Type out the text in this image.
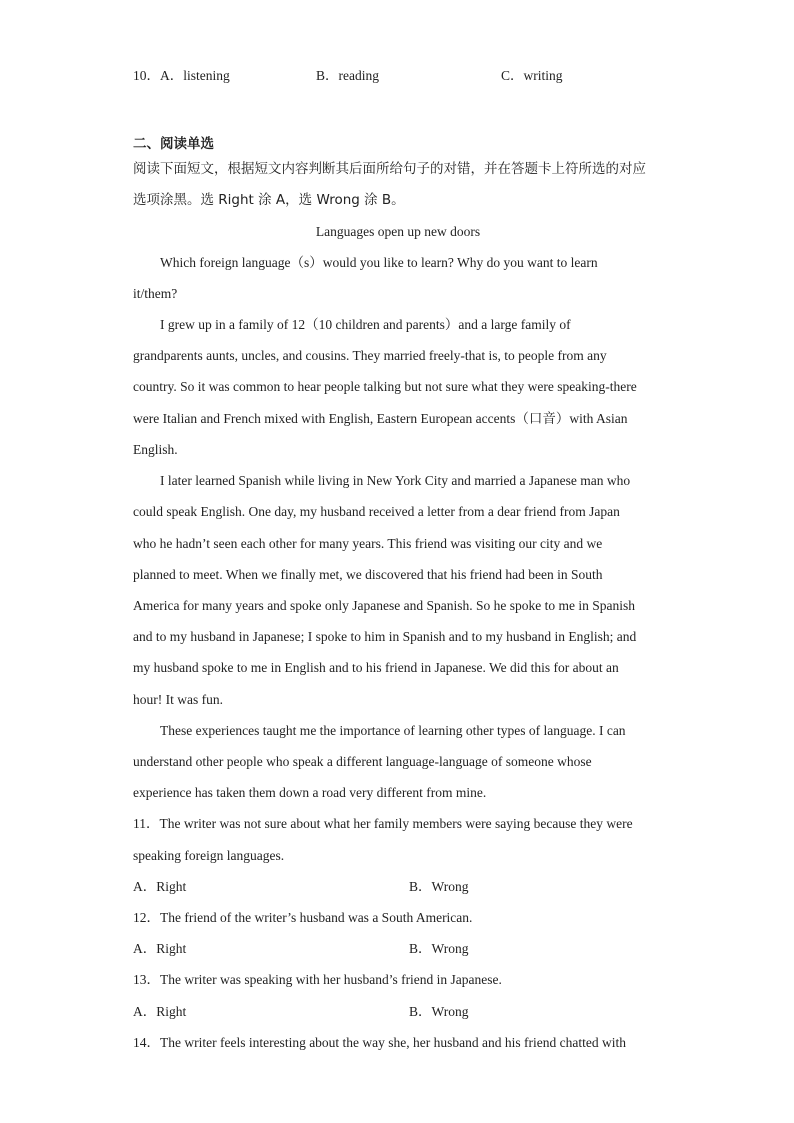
10． A．listening	B．reading	C．writing
二、阅读单选
阅读下面短文，根据短文内容判断其后面所给句子的对错，并在答题卡上符所选的对应
选项涂黑。选 Right 涂 A，选 Wrong 涂 B。
Languages open up new doors
Which foreign language（s）would you like to learn? Why do you want to learn
it/them?
I grew up in a family of 12（10 children and parents）and a large family of
grandparents aunts, uncles, and cousins. They married freely-that is, to people from any
country. So it was common to hear people talking but not sure what they were speaking-there
were Italian and French mixed with English, Eastern European accents（口音）with Asian
English.
I later learned Spanish while living in New York City and married a Japanese man who
could speak English. One day, my husband received a letter from a dear friend from Japan
who he hadn’t seen each other for many years. This friend was visiting our city and we
planned to meet. When we finally met, we discovered that his friend had been in South
America for many years and spoke only Japanese and Spanish. So he spoke to me in Spanish
and to my husband in Japanese; I spoke to him in Spanish and to my husband in English; and
my husband spoke to me in English and to his friend in Japanese. We did this for about an
hour! It was fun.
These experiences taught me the importance of learning other types of language. I can
understand other people who speak a different language-language of someone whose
experience has taken them down a road very different from mine.
11．The writer was not sure about what her family members were saying because they were
speaking foreign languages.
A．Right	B．Wrong
12．The friend of the writer’s husband was a South American.
A．Right	B．Wrong
13．The writer was speaking with her husband’s friend in Japanese.
A．Right	B．Wrong
14．The writer feels interesting about the way she, her husband and his friend chatted with
